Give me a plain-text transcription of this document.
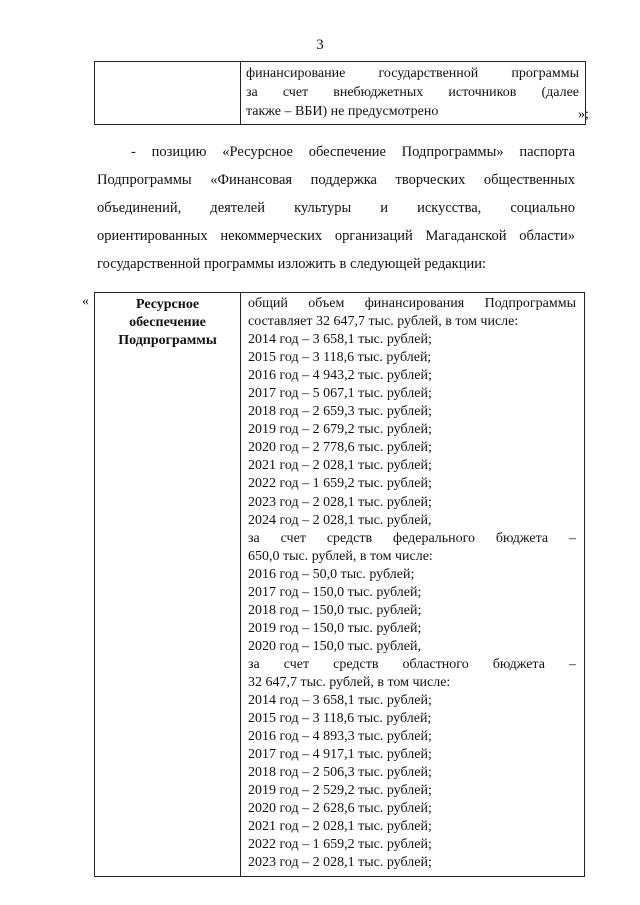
3

финансирование государственной программы
за счет внебюджетных источников (далее
также – ВБИ) не предусмотрено	»;
- позицию «Ресурсное обеспечение Подпрограммы» паспорта
Подпрограммы «Финансовая поддержка творческих общественных
объединений, деятелей культуры и искусства, социально
ориентированных некоммерческих организаций Магаданской области»
государственной программы изложить в следующей редакции:
«	Ресурсное
обеспечение
Подпрограммы

общий объем финансирования Подпрограммы
составляет 32 647,7 тыс. рублей, в том числе:
2014 год – 3 658,1 тыс. рублей;
2015 год – 3 118,6 тыс. рублей;
2016 год – 4 943,2 тыс. рублей;
2017 год – 5 067,1 тыс. рублей;
2018 год – 2 659,3 тыс. рублей;
2019 год – 2 679,2 тыс. рублей;
2020 год – 2 778,6 тыс. рублей;
2021 год – 2 028,1 тыс. рублей;
2022 год – 1 659,2 тыс. рублей;
2023 год – 2 028,1 тыс. рублей;
2024 год – 2 028,1 тыс. рублей,
за счет средств федерального бюджета –
650,0 тыс. рублей, в том числе:
2016 год – 50,0 тыс. рублей;
2017 год – 150,0 тыс. рублей;
2018 год – 150,0 тыс. рублей;
2019 год – 150,0 тыс. рублей;
2020 год – 150,0 тыс. рублей,
за счет средств областного бюджета –
32 647,7 тыс. рублей, в том числе:
2014 год – 3 658,1 тыс. рублей;
2015 год – 3 118,6 тыс. рублей;
2016 год – 4 893,3 тыс. рублей;
2017 год – 4 917,1 тыс. рублей;
2018 год – 2 506,3 тыс. рублей;
2019 год – 2 529,2 тыс. рублей;
2020 год – 2 628,6 тыс. рублей;
2021 год – 2 028,1 тыс. рублей;
2022 год – 1 659,2 тыс. рублей;
2023 год – 2 028,1 тыс. рублей;
